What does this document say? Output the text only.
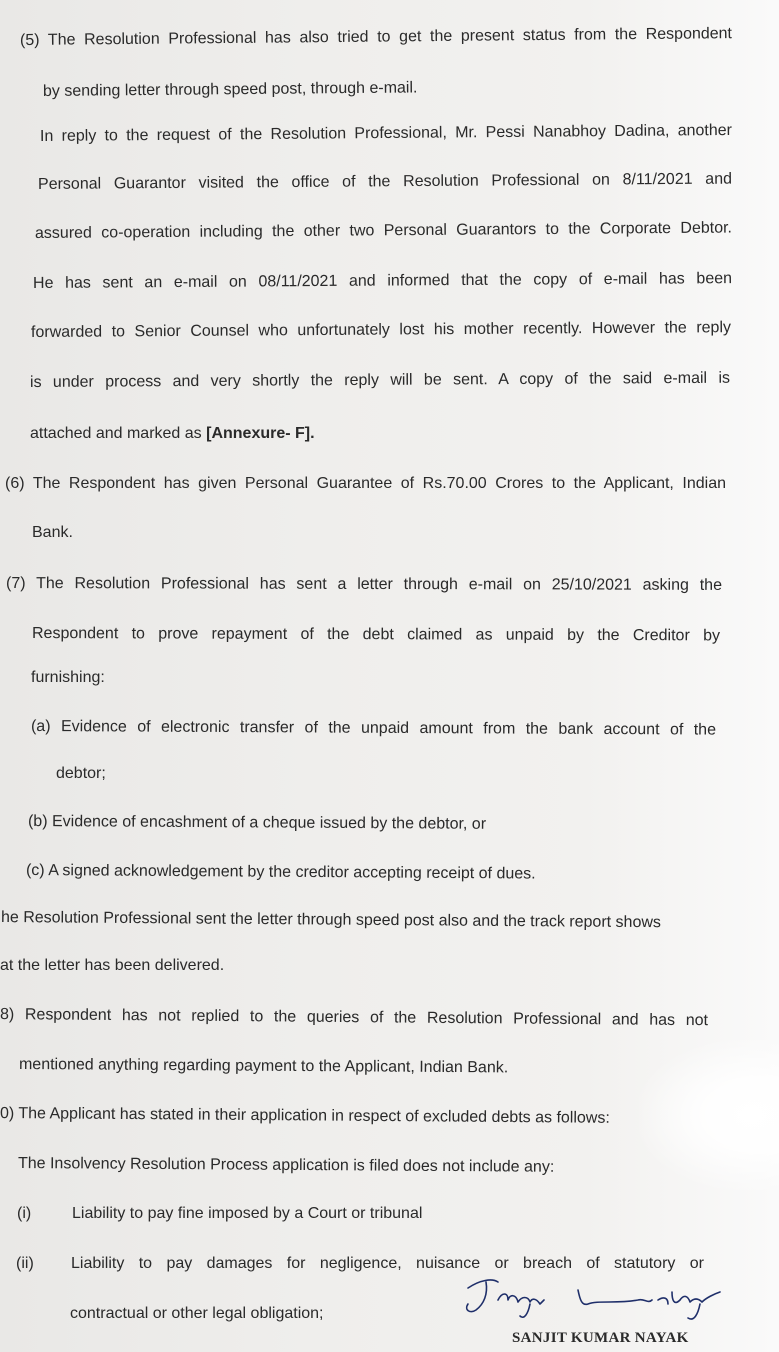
(5) The Resolution Professional has also tried to get the present status from the Respondent
by sending letter through speed post, through e-mail.
In reply to the request of the Resolution Professional, Mr. Pessi Nanabhoy Dadina, another
Personal Guarantor visited the office of the Resolution Professional on 8/11/2021 and
assured co-operation including the other two Personal Guarantors to the Corporate Debtor.
He has sent an e-mail on 08/11/2021 and informed that the copy of e-mail has been
forwarded to Senior Counsel who unfortunately lost his mother recently. However the reply
is under process and very shortly the reply will be sent. A copy of the said e-mail is
attached and marked as [Annexure- F].
(6) The Respondent has given Personal Guarantee of Rs.70.00 Crores to the Applicant, Indian
Bank.
(7) The Resolution Professional has sent a letter through e-mail on 25/10/2021 asking the
Respondent to prove repayment of the debt claimed as unpaid by the Creditor by
furnishing:
(a) Evidence of electronic transfer of the unpaid amount from the bank account of the
debtor;
(b) Evidence of encashment of a cheque issued by the debtor, or
(c) A signed acknowledgement by the creditor accepting receipt of dues.
he Resolution Professional sent the letter through speed post also and the track report shows
at the letter has been delivered.
8) Respondent has not replied to the queries of the Resolution Professional and has not
mentioned anything regarding payment to the Applicant, Indian Bank.
0) The Applicant has stated in their application in respect of excluded debts as follows:
The Insolvency Resolution Process application is filed does not include any:
(i)	Liability to pay fine imposed by a Court or tribunal
(ii) Liability to pay damages for negligence, nuisance or breach of statutory or
contractual or other legal obligation;
SANJIT KUMAR NAYAK
